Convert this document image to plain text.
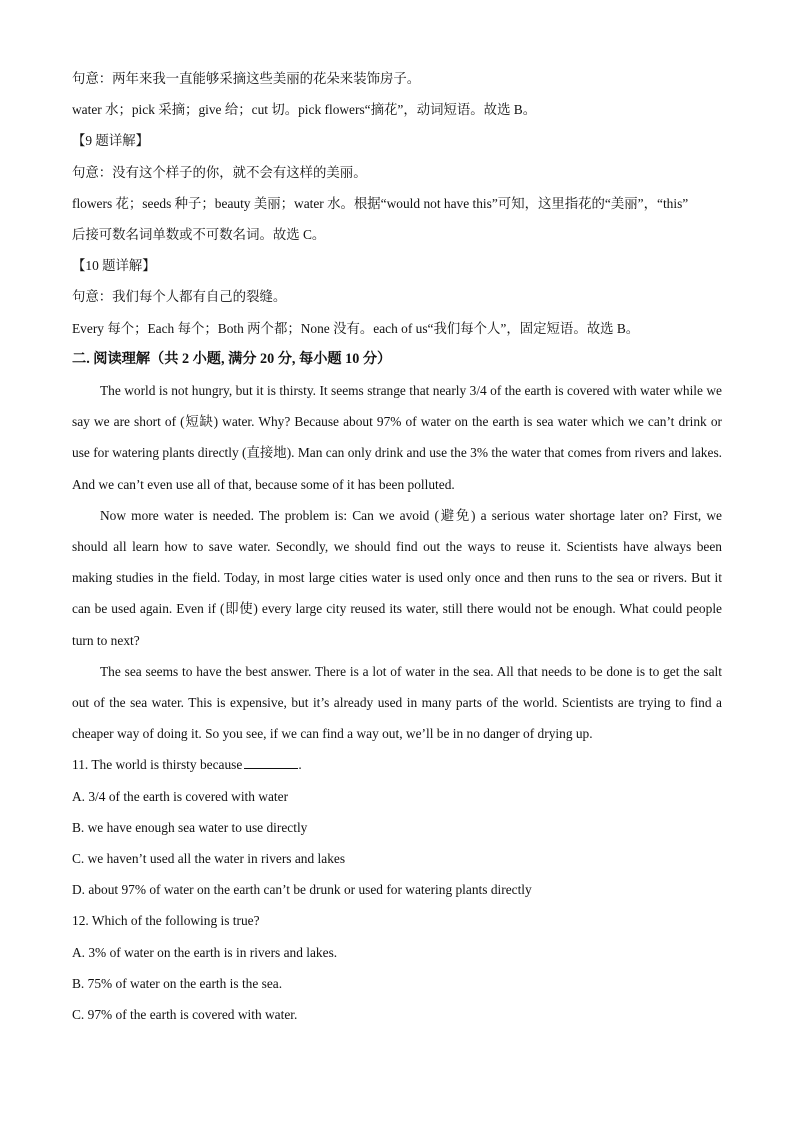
句意：两年来我一直能够采摘这些美丽的花朵来装饰房子。

water 水；pick 采摘；give 给；cut 切。pick flowers“摘花”，动词短语。故选 B。

【9 题详解】

句意：没有这个样子的你，就不会有这样的美丽。

flowers 花；seeds 种子；beauty 美丽；water 水。根据“would not have this”可知，这里指花的“美丽”，“this”

后接可数名词单数或不可数名词。故选 C。

【10 题详解】

句意：我们每个人都有自己的裂缝。

Every 每个；Each 每个；Both 两个都；None 没有。each of us“我们每个人”，固定短语。故选 B。

二. 阅读理解（共 2 小题, 满分 20 分, 每小题 10 分）

The world is not hungry, but it is thirsty. It seems strange that nearly 3/4 of the earth is covered with water while we say we are short of (短缺) water. Why? Because about 97% of water on the earth is sea water which we can’t drink or use for watering plants directly (直接地). Man can only drink and use the 3% the water that comes from rivers and lakes. And we can’t even use all of that, because some of it has been polluted.

Now more water is needed. The problem is: Can we avoid (避免) a serious water shortage later on? First, we should all learn how to save water. Secondly, we should find out the ways to reuse it. Scientists have always been making studies in the field. Today, in most large cities water is used only once and then runs to the sea or rivers. But it can be used again. Even if (即使) every large city reused its water, still there would not be enough. What could people turn to next?

The sea seems to have the best answer. There is a lot of water in the sea. All that needs to be done is to get the salt out of the sea water. This is expensive, but it’s already used in many parts of the world. Scientists are trying to find a cheaper way of doing it. So you see, if we can find a way out, we’ll be in no danger of drying up.

11. The world is thirsty because	.

A. 3/4 of the earth is covered with water

B. we have enough sea water to use directly

C. we haven’t used all the water in rivers and lakes

D. about 97% of water on the earth can’t be drunk or used for watering plants directly

12. Which of the following is true?

A. 3% of water on the earth is in rivers and lakes.

B. 75% of water on the earth is the sea.

C. 97% of the earth is covered with water.
